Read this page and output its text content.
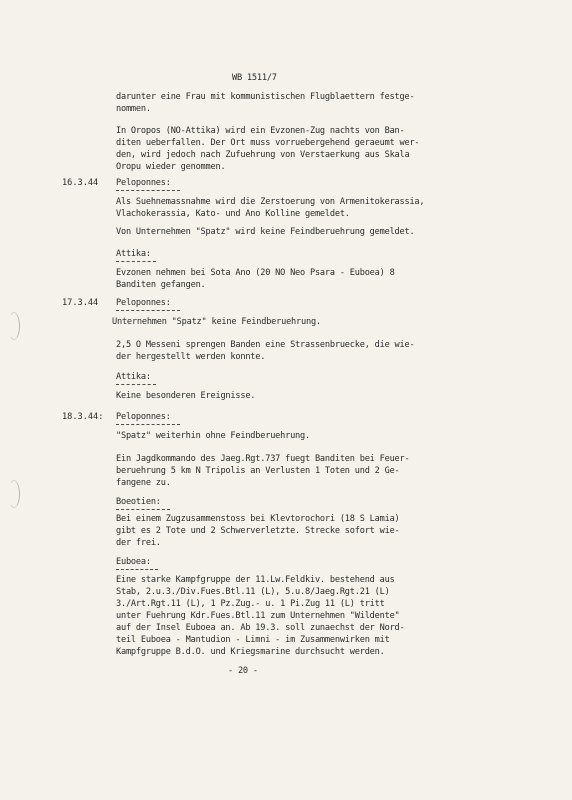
WB 1511/7
darunter eine Frau mit kommunistischen Flugblaettern festge-
nommen.
In Oropos (NO-Attika) wird ein Evzonen-Zug nachts von Ban-
diten ueberfallen. Der Ort muss vorruebergehend geraeumt wer-
den, wird jedoch nach Zufuehrung von Verstaerkung aus Skala
Oropu wieder genommen.
16.3.44 Peloponnes:
Als Suehnemassnahme wird die Zerstoerung von Armenitokerassia,
Vlachokerassia, Kato- und Ano Kolline gemeldet.
Von Unternehmen "Spatz" wird keine Feindberuehrung gemeldet.
Attika:
Evzonen nehmen bei Sota Ano (20 NO Neo Psara - Euboea) 8
Banditen gefangen.
17.3.44 Peloponnes:
Unternehmen "Spatz" keine Feindberuehrung.
2,5 O Messeni sprengen Banden eine Strassenbruecke, die wie-
der hergestellt werden konnte.
Attika:
Keine besonderen Ereignisse.
18.3.44: Peloponnes:
"Spatz" weiterhin ohne Feindberuehrung.
Ein Jagdkommando des Jaeg.Rgt.737 fuegt Banditen bei Feuer-
beruehrung 5 km N Tripolis an Verlusten 1 Toten und 2 Ge-
fangene zu.
Boeotien:
Bei einem Zugzusammenstoss bei Klevtorochori (18 S Lamia)
gibt es 2 Tote und 2 Schwerverletzte. Strecke sofort wie-
der frei.
Euboea:
Eine starke Kampfgruppe der 11.Lw.Feldkiv. bestehend aus
Stab, 2.u.3./Div.Fues.Btl.11 (L), 5.u.8/Jaeg.Rgt.21 (L)
3./Art.Rgt.11 (L), 1 Pz.Zug.- u. 1 Pi.Zug 11 (L) tritt
unter Fuehrung Kdr.Fues.Btl.11 zum Unternehmen "Wildente"
auf der Insel Euboea an. Ab 19.3. soll zunaechst der Nord-
teil Euboea - Mantudion - Limni - im Zusammenwirken mit
Kampfgruppe B.d.O. und Kriegsmarine durchsucht werden.
- 20 -
